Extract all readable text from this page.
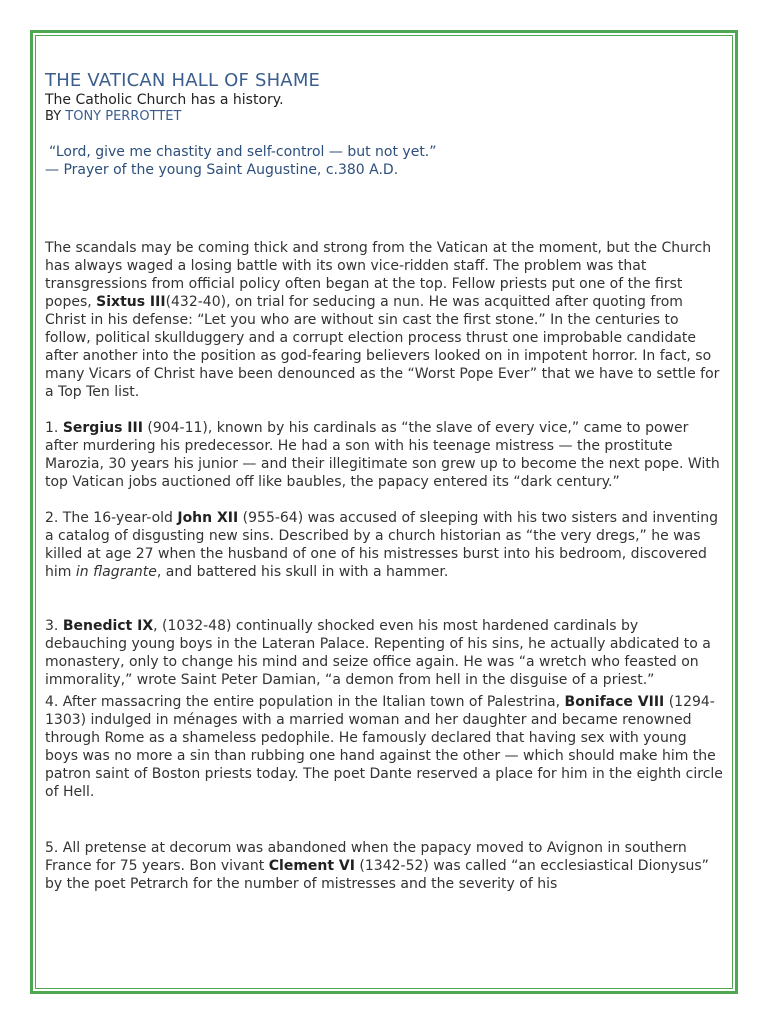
THE VATICAN HALL OF SHAME
The Catholic Church has a history.
BY TONY PERROTTET
“Lord, give me chastity and self-control — but not yet.”
— Prayer of the young Saint Augustine, c.380 A.D.

The scandals may be coming thick and strong from the Vatican at the moment, but the Church has always waged a losing battle with its own vice-ridden staff. The problem was that transgressions from official policy often began at the top. Fellow priests put one of the first popes, Sixtus III(432-40), on trial for seducing a nun. He was acquitted after quoting from Christ in his defense: “Let you who are without sin cast the first stone.” In the centuries to follow, political skullduggery and a corrupt election process thrust one improbable candidate after another into the position as god-fearing believers looked on in impotent horror. In fact, so many Vicars of Christ have been denounced as the “Worst Pope Ever” that we have to settle for a Top Ten list.

1. Sergius III (904-11), known by his cardinals as “the slave of every vice,” came to power after murdering his predecessor. He had a son with his teenage mistress — the prostitute Marozia, 30 years his junior — and their illegitimate son grew up to become the next pope. With top Vatican jobs auctioned off like baubles, the papacy entered its “dark century.”

2. The 16-year-old John XII (955-64) was accused of sleeping with his two sisters and inventing a catalog of disgusting new sins. Described by a church historian as “the very dregs,” he was killed at age 27 when the husband of one of his mistresses burst into his bedroom, discovered him in flagrante, and battered his skull in with a hammer.

3. Benedict IX, (1032-48) continually shocked even his most hardened cardinals by debauching young boys in the Lateran Palace. Repenting of his sins, he actually abdicated to a monastery, only to change his mind and seize office again. He was “a wretch who feasted on immorality,” wrote Saint Peter Damian, “a demon from hell in the disguise of a priest.”

4. After massacring the entire population in the Italian town of Palestrina, Boniface VIII (1294-1303) indulged in ménages with a married woman and her daughter and became renowned through Rome as a shameless pedophile. He famously declared that having sex with young boys was no more a sin than rubbing one hand against the other — which should make him the patron saint of Boston priests today. The poet Dante reserved a place for him in the eighth circle of Hell.

5. All pretense at decorum was abandoned when the papacy moved to Avignon in southern France for 75 years. Bon vivant Clement VI (1342-52) was called “an ecclesiastical Dionysus” by the poet Petrarch for the number of mistresses and the severity of his
